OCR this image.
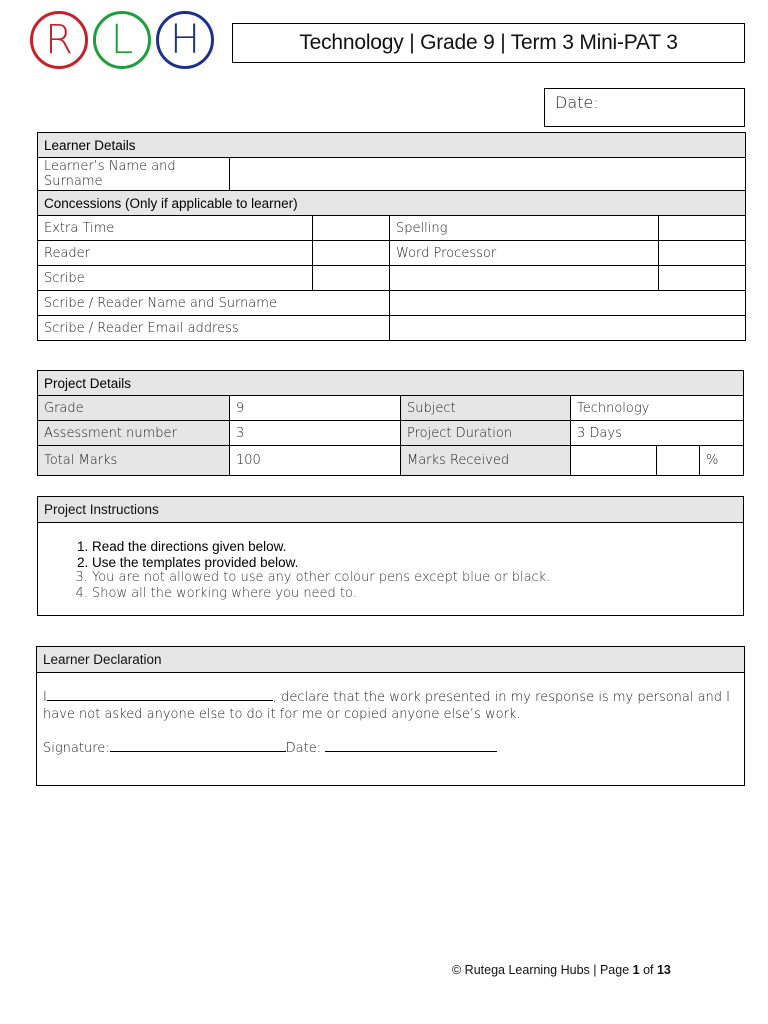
R L H	Technology | Grade 9 | Term 3 Mini-PAT 3
Date:
Learner Details				
Learner’s Name and Surname				
Concessions (Only if applicable to learner)				
Extra Time			Spelling	
Reader			Word Processor	
Scribe				
Scribe / Reader Name and Surname				
Scribe / Reader Email address				
Project Details					
Grade	9	Subject	Technology		
Assessment number	3	Project Duration	3 Days		
Total Marks	100	Marks Received			%
Project Instructions
1. Read the directions given below.
2. Use the templates provided below.
3. You are not allowed to use any other colour pens except blue or black.
4. Show all the working where you need to.
Learner Declaration
I	, declare that the work presented in my response is my personal and I
have not asked anyone else to do it for me or copied anyone else’s work.
Signature:	Date:
© Rutega Learning Hubs | Page 1 of 13
